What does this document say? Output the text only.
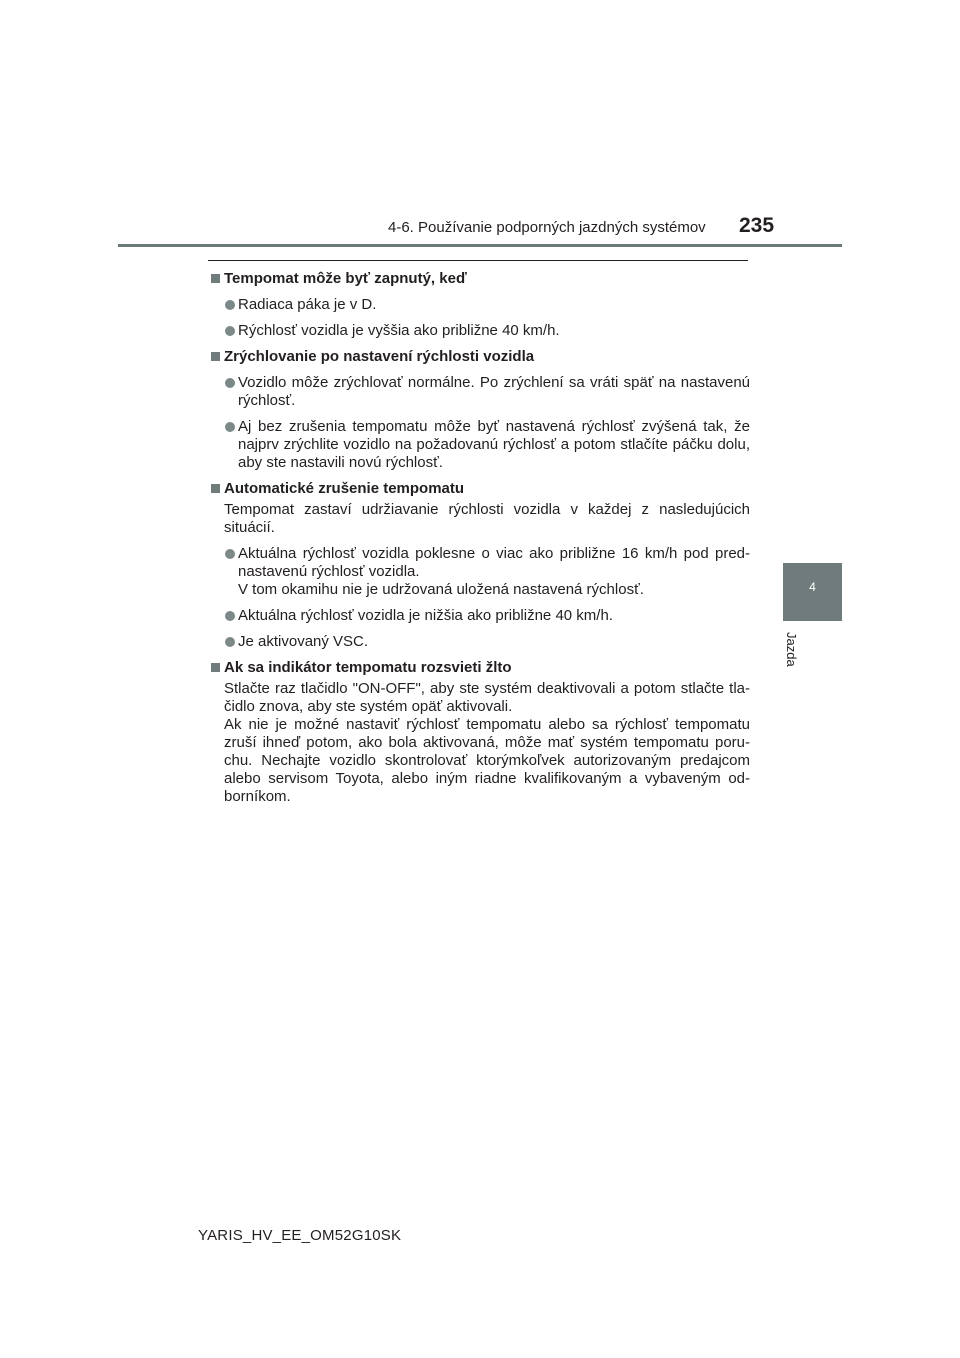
4-6. Používanie podporných jazdných systémov 235
4
Jazda
Tempomat môže byť zapnutý, keď
Radiaca páka je v D.
Rýchlosť vozidla je vyššia ako približne 40 km/h.
Zrýchlovanie po nastavení rýchlosti vozidla
Vozidlo môže zrýchlovať normálne. Po zrýchlení sa vráti späť na nastavenú
rýchlosť.
Aj bez zrušenia tempomatu môže byť nastavená rýchlosť zvýšená tak, že
najprv zrýchlite vozidlo na požadovanú rýchlosť a potom stlačíte páčku dolu,
aby ste nastavili novú rýchlosť.
Automatické zrušenie tempomatu
Tempomat zastaví udržiavanie rýchlosti vozidla v každej z nasledujúcich situácií.
Aktuálna rýchlosť vozidla poklesne o viac ako približne 16 km/h pod pred-
nastavenú rýchlosť vozidla.
V tom okamihu nie je udržovaná uložená nastavená rýchlosť.
Aktuálna rýchlosť vozidla je nižšia ako približne 40 km/h.
Je aktivovaný VSC.
Ak sa indikátor tempomatu rozsvieti žlto
Stlačte raz tlačidlo "ON-OFF", aby ste systém deaktivovali a potom stlačte tla-
čidlo znova, aby ste systém opäť aktivovali.
Ak nie je možné nastaviť rýchlosť tempomatu alebo sa rýchlosť tempomatu
zruší ihneď potom, ako bola aktivovaná, môže mať systém tempomatu poru-
chu. Nechajte vozidlo skontrolovať ktorýmkoľvek autorizovaným predajcom
alebo servisom Toyota, alebo iným riadne kvalifikovaným a vybaveným od-
borníkom.
YARIS_HV_EE_OM52G10SK
